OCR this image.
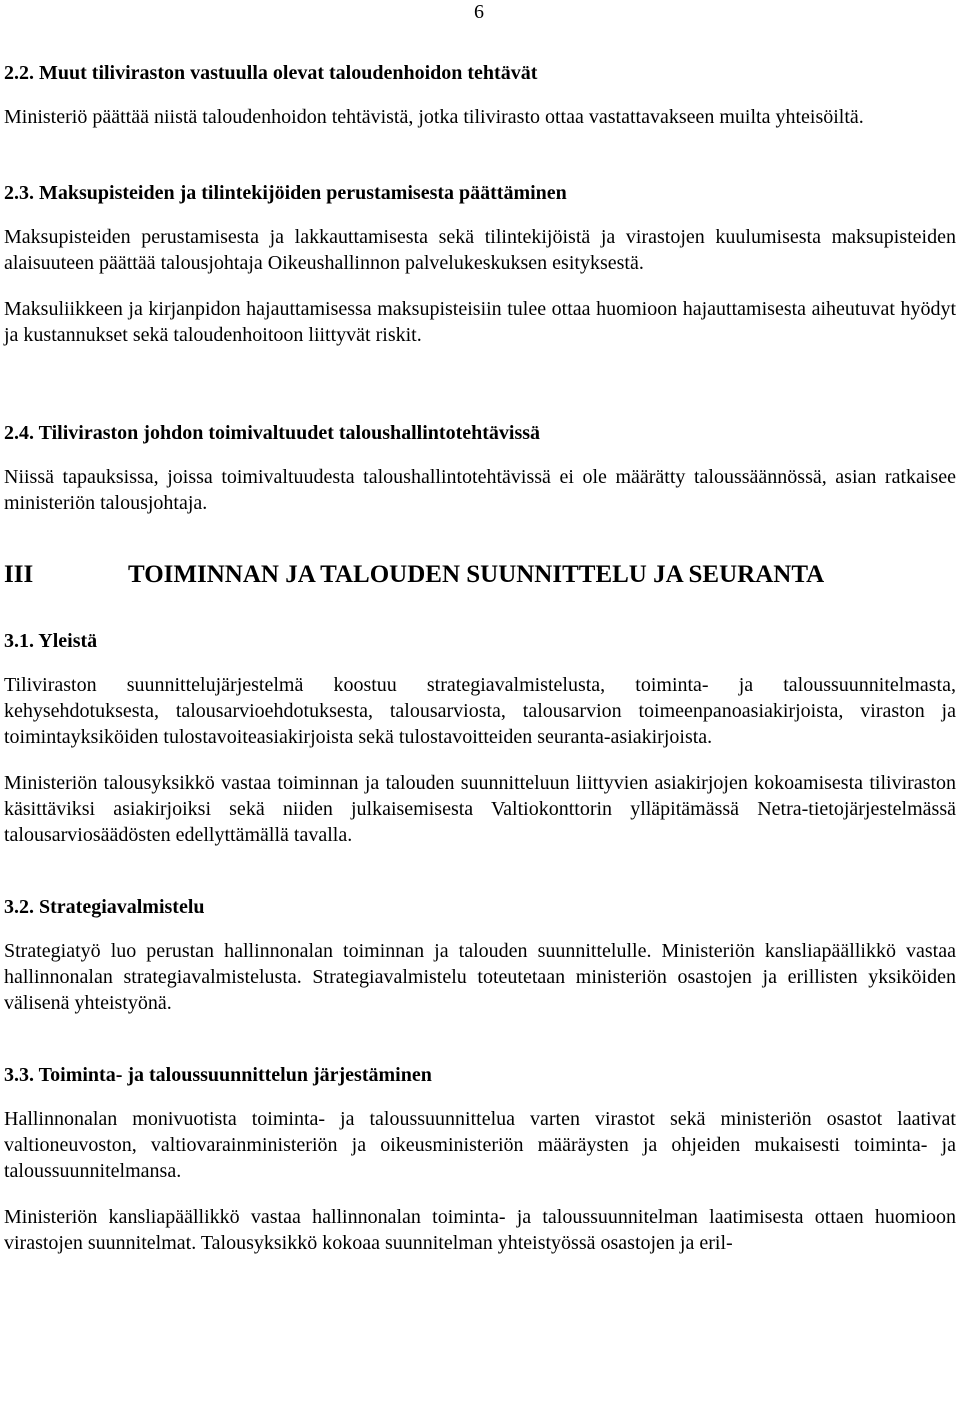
6
2.2. Muut tiliviraston vastuulla olevat taloudenhoidon tehtävät

Ministeriö päättää niistä taloudenhoidon tehtävistä, jotka tilivirasto ottaa vastattavakseen muilta yhteisöiltä.

2.3. Maksupisteiden ja tilintekijöiden perustamisesta päättäminen

Maksupisteiden perustamisesta ja lakkauttamisesta sekä tilintekijöistä ja virastojen kuulumisesta maksupisteiden alaisuuteen päättää talousjohtaja Oikeushallinnon palvelukeskuksen esityksestä.

Maksuliikkeen ja kirjanpidon hajauttamisessa maksupisteisiin tulee ottaa huomioon hajauttamisesta aiheutuvat hyödyt ja kustannukset sekä taloudenhoitoon liittyvät riskit.

2.4. Tiliviraston johdon toimivaltuudet taloushallintotehtävissä

Niissä tapauksissa, joissa toimivaltuudesta taloushallintotehtävissä ei ole määrätty taloussäännössä, asian ratkaisee ministeriön talousjohtaja.

III	TOIMINNAN JA TALOUDEN SUUNNITTELU JA SEURANTA
3.1. Yleistä

Tiliviraston suunnittelujärjestelmä koostuu strategiavalmistelusta, toiminta- ja taloussuunnitelmasta, kehysehdotuksesta, talousarvioehdotuksesta, talousarviosta, talousarvion toimeenpanoasiakirjoista, viraston ja toimintayksiköiden tulostavoiteasiakirjoista sekä tulostavoitteiden seuranta-asiakirjoista.

Ministeriön talousyksikkö vastaa toiminnan ja talouden suunnitteluun liittyvien asiakirjojen kokoamisesta tiliviraston käsittäviksi asiakirjoiksi sekä niiden julkaisemisesta Valtiokonttorin ylläpitämässä Netra-tietojärjestelmässä talousarviosäädösten edellyttämällä tavalla.

3.2. Strategiavalmistelu

Strategiatyö luo perustan hallinnonalan toiminnan ja talouden suunnittelulle. Ministeriön kansliapäällikkö vastaa hallinnonalan strategiavalmistelusta. Strategiavalmistelu toteutetaan ministeriön osastojen ja erillisten yksiköiden välisenä yhteistyönä.

3.3. Toiminta- ja taloussuunnittelun järjestäminen

Hallinnonalan monivuotista toiminta- ja taloussuunnittelua varten virastot sekä ministeriön osastot laativat valtioneuvoston, valtiovarainministeriön ja oikeusministeriön määräysten ja ohjeiden mukaisesti toiminta- ja taloussuunnitelmansa.

Ministeriön kansliapäällikkö vastaa hallinnonalan toiminta- ja taloussuunnitelman laatimisesta ottaen huomioon virastojen suunnitelmat. Talousyksikkö kokoaa suunnitelman yhteistyössä osastojen ja eril-
